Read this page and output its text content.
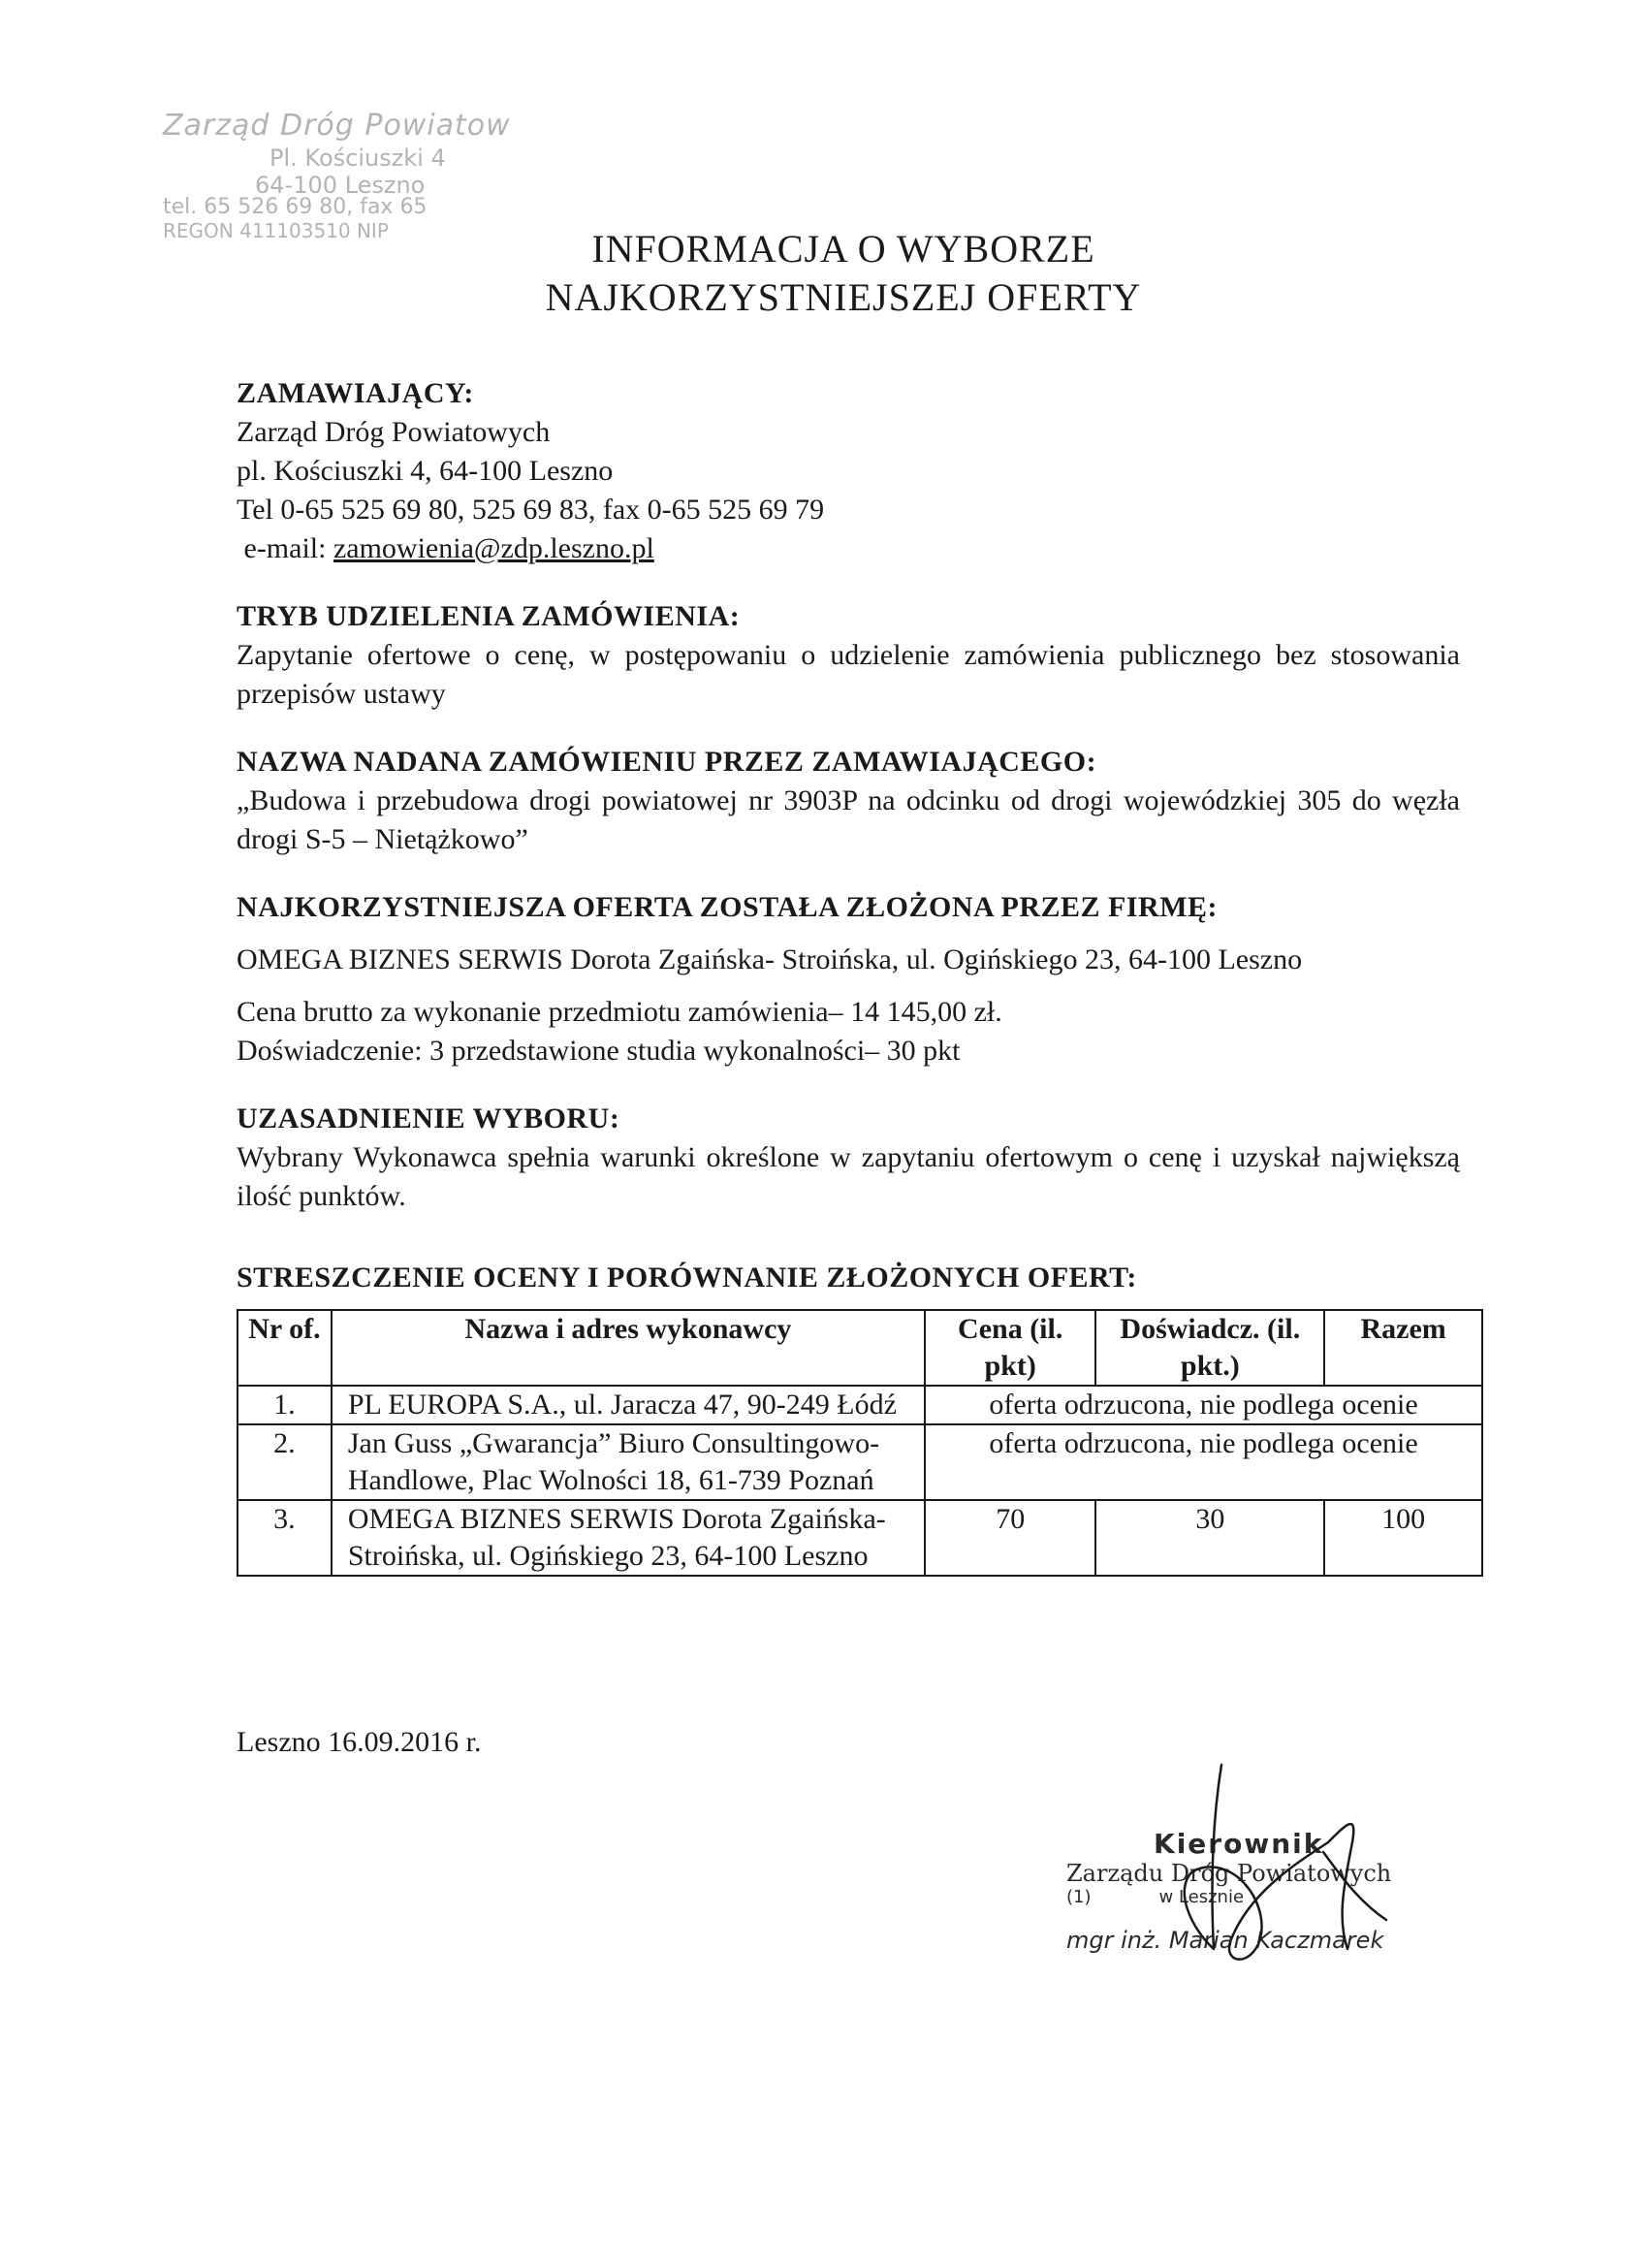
Zarząd Dróg Powiatow
Pl. Kościuszki 4
64-100 Leszno
tel. 65 526 69 80, fax 65
REGON 411103510 NIP	INFORMACJA O WYBORZE
NAJKORZYSTNIEJSZEJ OFERTY
ZAMAWIAJĄCY:
Zarząd Dróg Powiatowych
pl. Kościuszki 4, 64-100 Leszno
Tel 0-65 525 69 80, 525 69 83, fax 0-65 525 69 79
e-mail: zamowienia@zdp.leszno.pl
TRYB UDZIELENIA ZAMÓWIENIA:
Zapytanie ofertowe o cenę, w postępowaniu o udzielenie zamówienia publicznego bez stosowania przepisów ustawy
NAZWA NADANA ZAMÓWIENIU PRZEZ ZAMAWIAJĄCEGO:
„Budowa i przebudowa drogi powiatowej nr 3903P na odcinku od drogi wojewódzkiej 305 do węzła drogi S-5 – Nietążkowo”
NAJKORZYSTNIEJSZA OFERTA ZOSTAŁA ZŁOŻONA PRZEZ FIRMĘ:
OMEGA BIZNES SERWIS Dorota Zgaińska- Stroińska, ul. Ogińskiego 23, 64-100 Leszno
Cena brutto za wykonanie przedmiotu zamówienia– 14 145,00 zł.
Doświadczenie: 3 przedstawione studia wykonalności– 30 pkt
UZASADNIENIE WYBORU:
Wybrany Wykonawca spełnia warunki określone w zapytaniu ofertowym o cenę i uzyskał największą ilość punktów.
STRESZCZENIE OCENY I PORÓWNANIE ZŁOŻONYCH OFERT:
Nr of.	Nazwa i adres wykonawcy	Cena (il. pkt)	Doświadcz. (il. pkt.)	Razem
1.	PL EUROPA S.A., ul. Jaracza 47, 90-249 Łódź	oferta odrzucona, nie podlega ocenie		
2.	Jan Guss „Gwarancja” Biuro Consultingowo-Handlowe, Plac Wolności 18, 61-739 Poznań	oferta odrzucona, nie podlega ocenie		
3.	OMEGA BIZNES SERWIS Dorota Zgaińska-Stroińska, ul. Ogińskiego 23, 64-100 Leszno	70	30	100
Leszno 16.09.2016 r.
Kierownik
Zarządu Dróg Powiatowych
(1)	w Lesznie
mgr inż. Marian Kaczmarek
